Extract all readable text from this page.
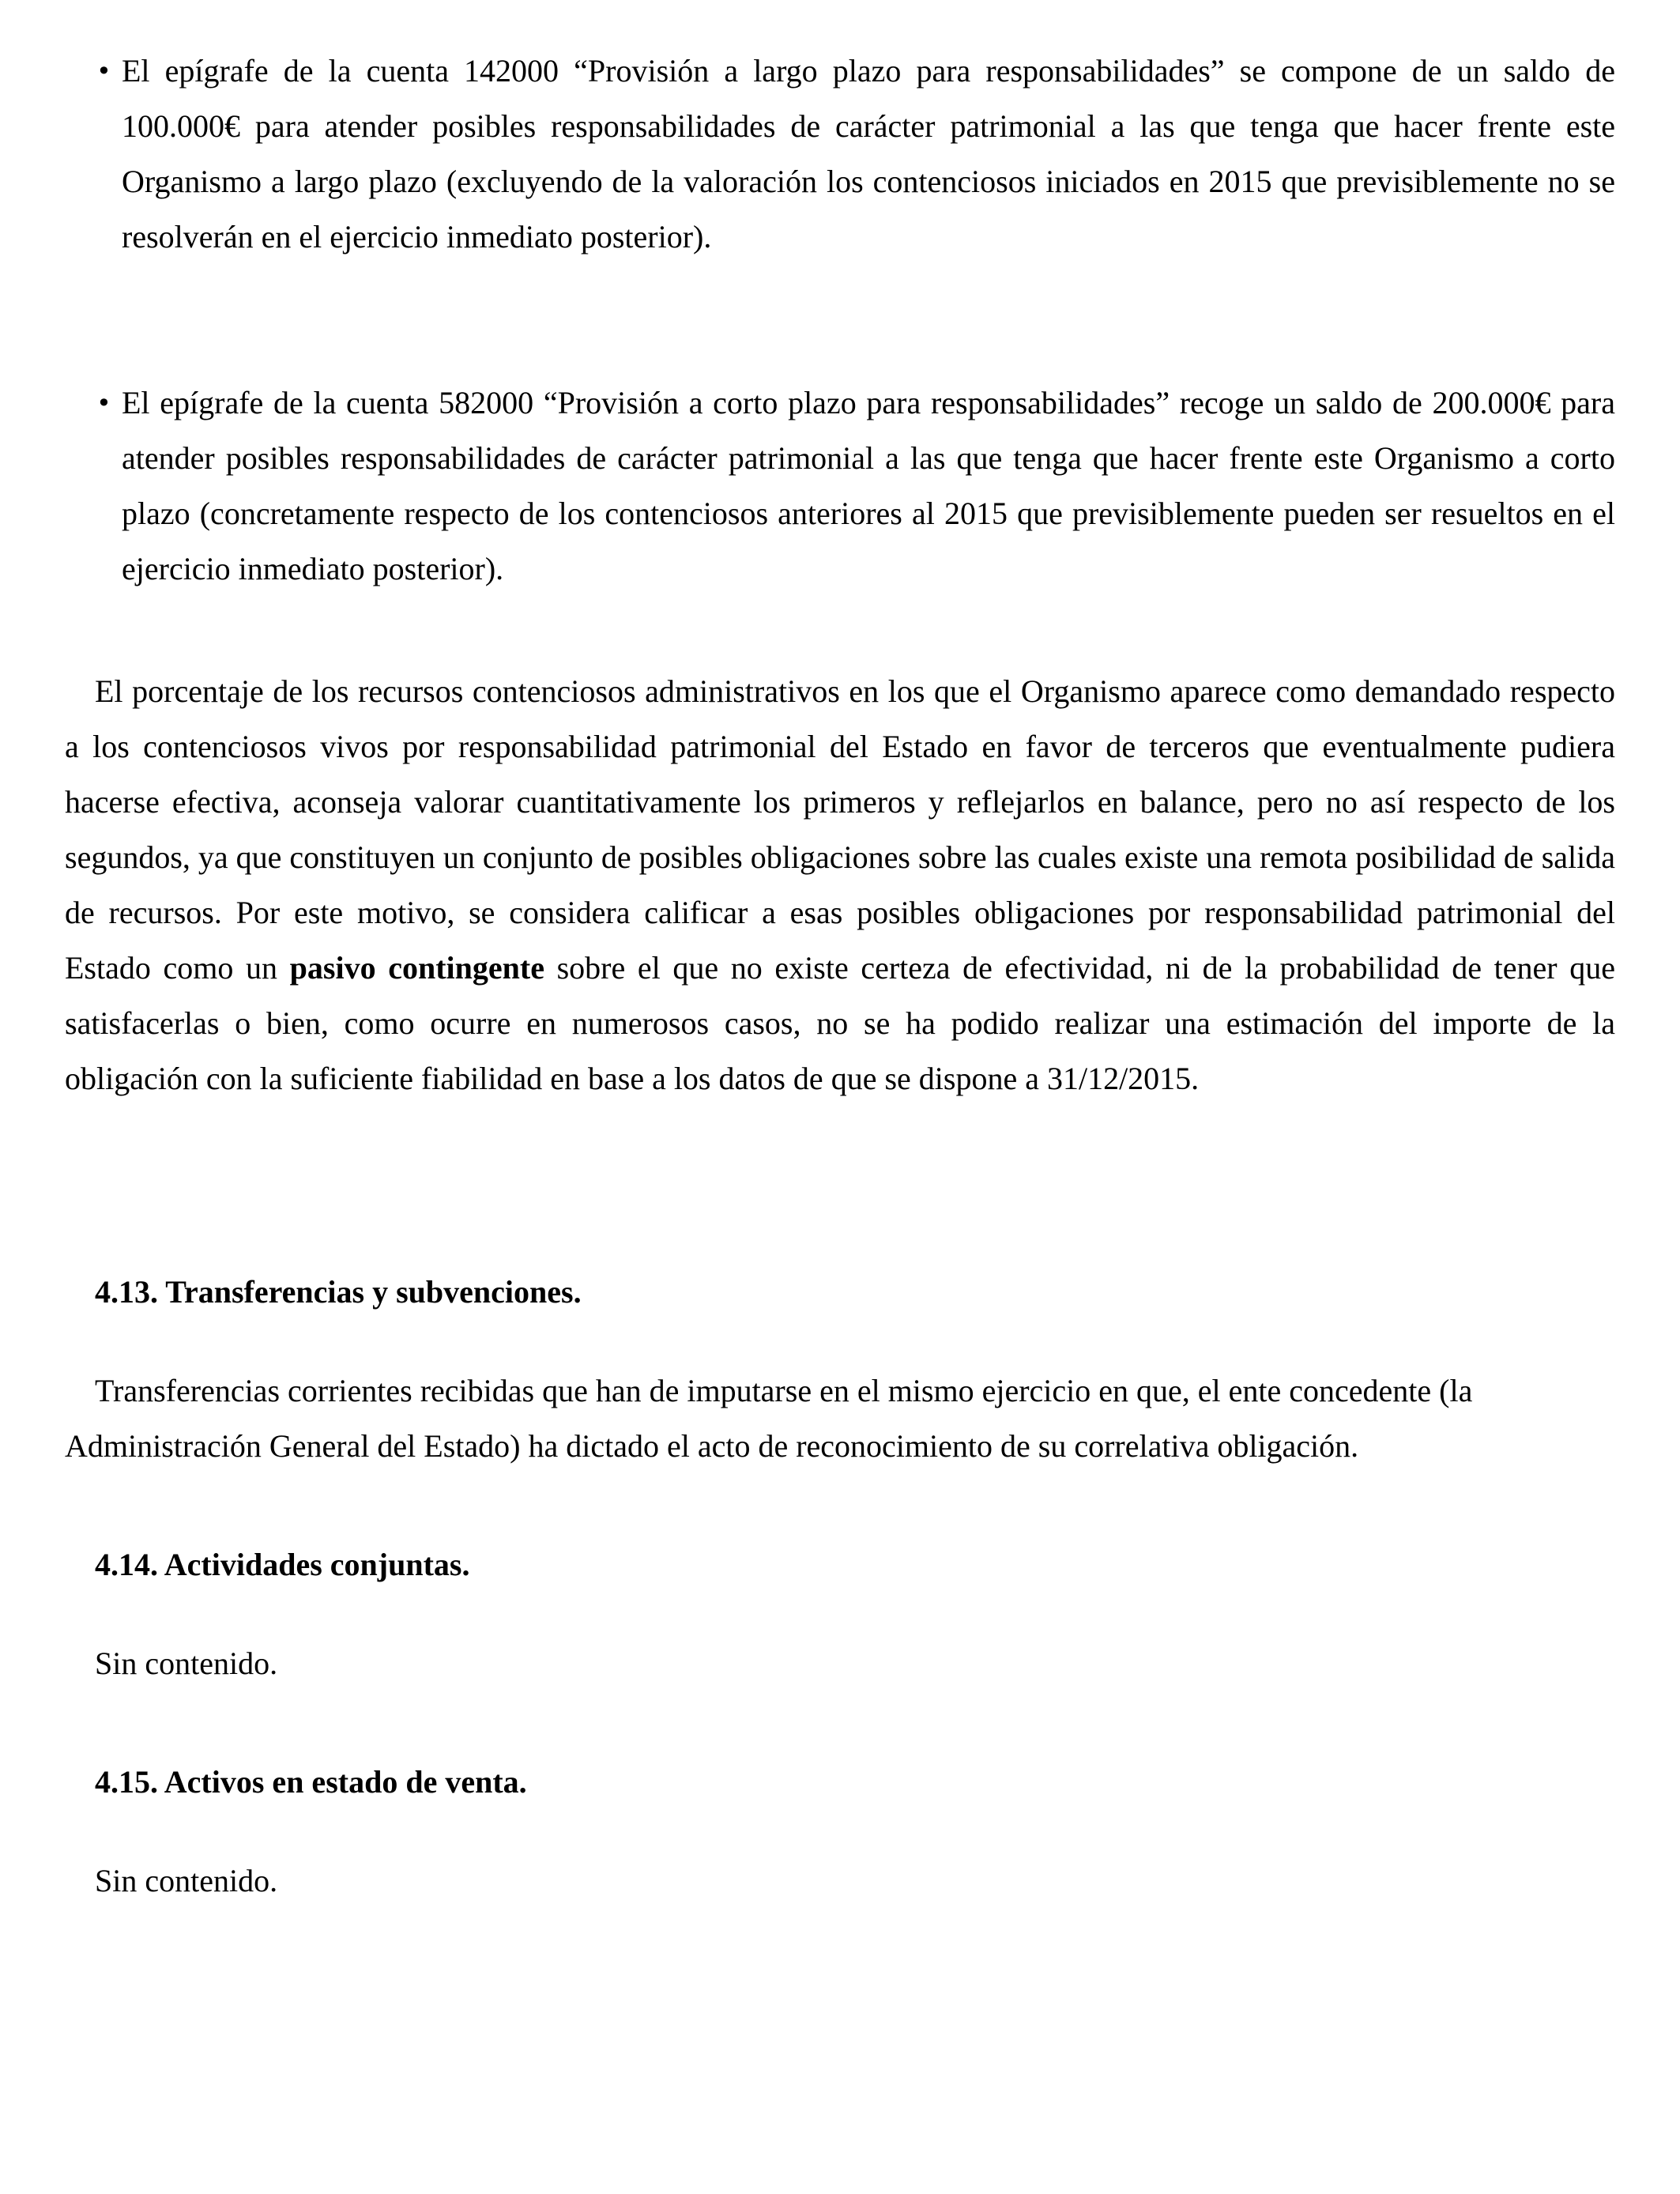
• El epígrafe de la cuenta 142000 “Provisión a largo plazo para responsabilidades” se compone de un saldo de 100.000€ para atender posibles responsabilidades de carácter patrimonial a las que tenga que hacer frente este Organismo a largo plazo (excluyendo de la valoración los contenciosos iniciados en 2015 que previsiblemente no se resolverán en el ejercicio inmediato posterior).
• El epígrafe de la cuenta 582000 “Provisión a corto plazo para responsabilidades” recoge un saldo de 200.000€ para atender posibles responsabilidades de carácter patrimonial a las que tenga que hacer frente este Organismo a corto plazo (concretamente respecto de los contenciosos anteriores al 2015 que previsiblemente pueden ser resueltos en el ejercicio inmediato posterior).

El porcentaje de los recursos contenciosos administrativos en los que el Organismo aparece como demandado respecto a los contenciosos vivos por responsabilidad patrimonial del Estado en favor de terceros que eventualmente pudiera hacerse efectiva, aconseja valorar cuantitativamente los primeros y reflejarlos en balance, pero no así respecto de los segundos, ya que constituyen un conjunto de posibles obligaciones sobre las cuales existe una remota posibilidad de salida de recursos. Por este motivo, se considera calificar a esas posibles obligaciones por responsabilidad patrimonial del Estado como un pasivo contingente sobre el que no existe certeza de efectividad, ni de la probabilidad de tener que satisfacerlas o bien, como ocurre en numerosos casos, no se ha podido realizar una estimación del importe de la obligación con la suficiente fiabilidad en base a los datos de que se dispone a 31/12/2015.

4.13. Transferencias y subvenciones.

Transferencias corrientes recibidas que han de imputarse en el mismo ejercicio en que, el ente concedente (la Administración General del Estado) ha dictado el acto de reconocimiento de su correlativa obligación.

4.14. Actividades conjuntas.

Sin contenido.

4.15. Activos en estado de venta.

Sin contenido.
